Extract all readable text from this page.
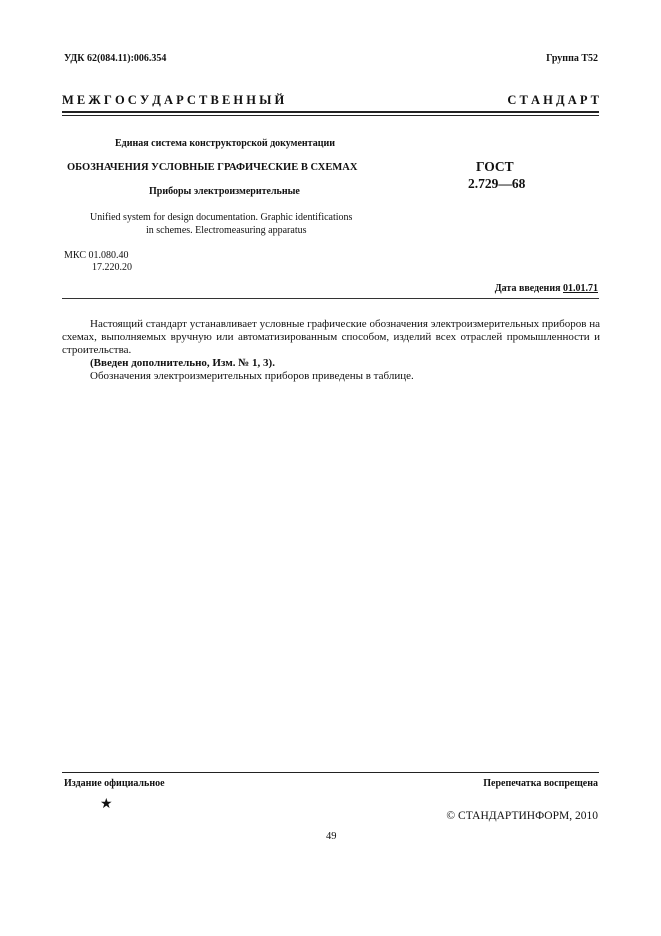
УДК 62(084.11):006.354	Группа Т52
М Е Ж Г О С У Д А Р С Т В Е Н Н Ы Й	С Т А Н Д А Р Т
Единая система конструкторской документации
ОБОЗНАЧЕНИЯ УСЛОВНЫЕ ГРАФИЧЕСКИЕ В СХЕМАХ	ГОСТ
2.729—68
Приборы электроизмерительные
Unified system for design documentation. Graphic identifications
in schemes. Electromeasuring apparatus
МКС 01.080.40
17.220.20
Дата введения 01.01.71

Настоящий стандарт устанавливает условные графические обозначения электроизмерительных приборов на схемах, выполняемых вручную или автоматизированным способом, изделий всех отраслей промышленности и строительства.

(Введен дополнительно, Изм. № 1, 3).

Обозначения электроизмерительных приборов приведены в таблице.

Издание официальное	Перепечатка воспрещена
★
© СТАНДАРТИНФОРМ, 2010
49
